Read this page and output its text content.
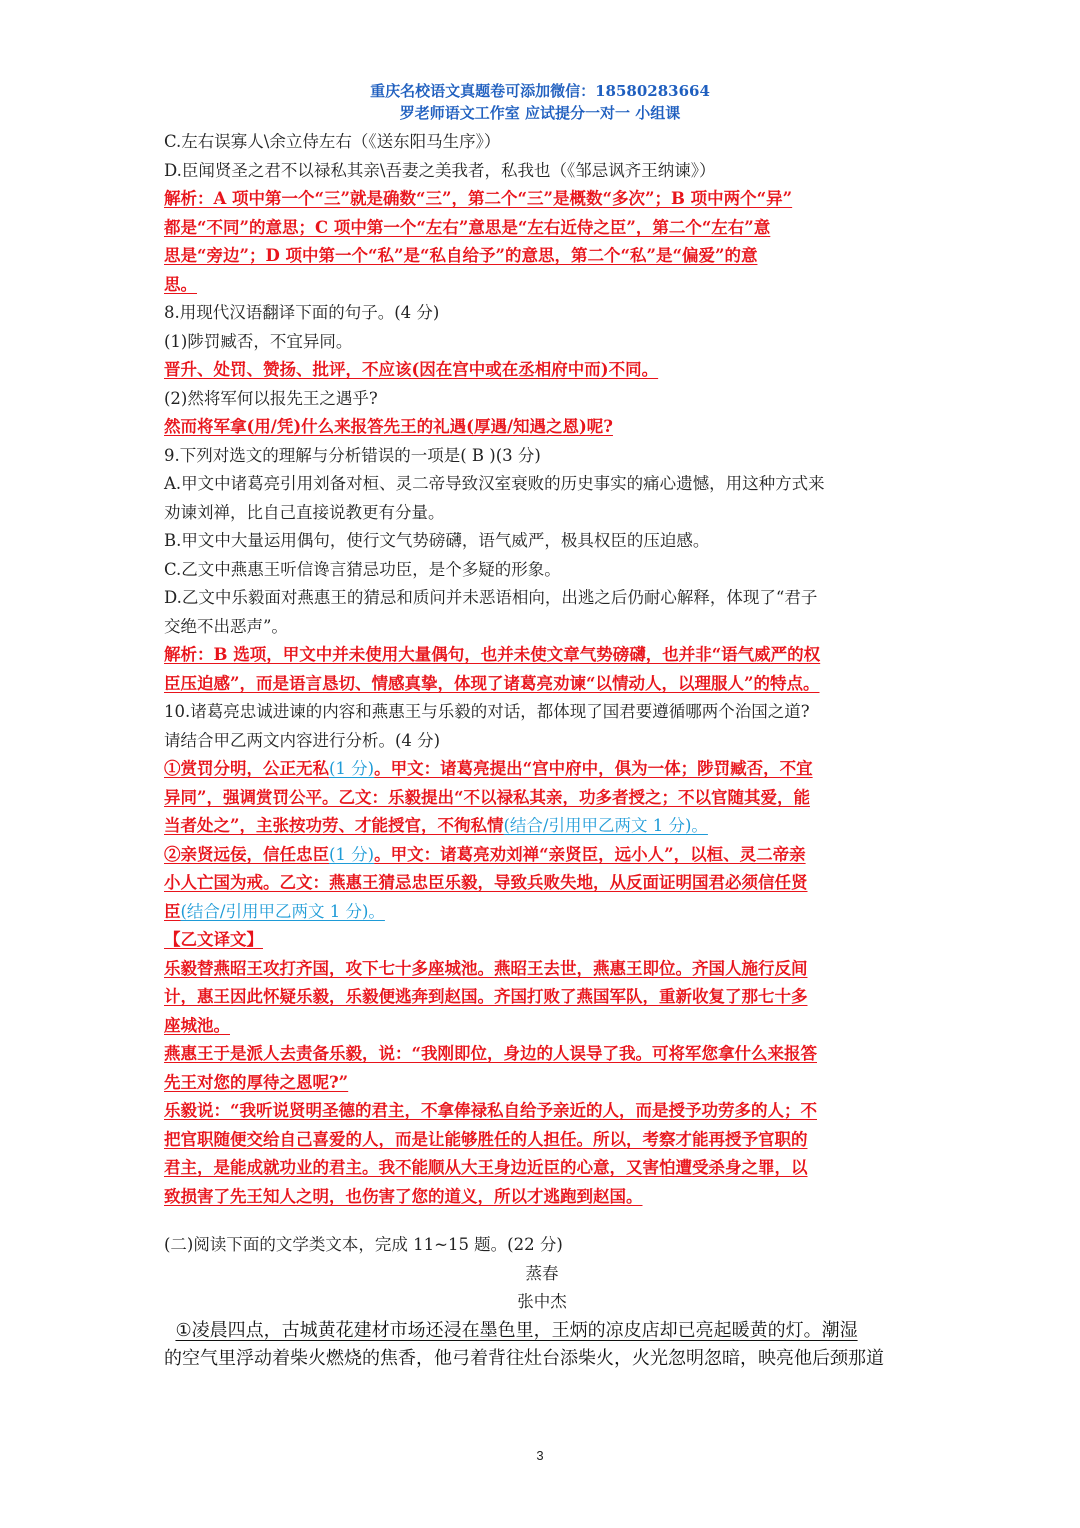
重庆名校语文真题卷可添加微信：18580283664
罗老师语文工作室 应试提分一对一 小组课
C.左右误寡人\余立侍左右（《送东阳马生序》）
D.臣闻贤圣之君不以禄私其亲\吾妻之美我者，私我也（《邹忌讽齐王纳谏》）
解析：A 项中第一个“三”就是确数“三”，第二个“三”是概数“多次”；B 项中两个“异”
都是“不同”的意思；C 项中第一个“左右”意思是“左右近侍之臣”，第二个“左右”意
思是“旁边”；D 项中第一个“私”是“私自给予”的意思，第二个“私”是“偏爱”的意
思。
8.用现代汉语翻译下面的句子。(4 分)
(1)陟罚臧否，不宜异同。
晋升、处罚、赞扬、批评，不应该(因在宫中或在丞相府中而)不同。
(2)然将军何以报先王之遇乎?
然而将军拿(用/凭)什么来报答先王的礼遇(厚遇/知遇之恩)呢?
9.下列对选文的理解与分析错误的一项是( B )(3 分)
A.甲文中诸葛亮引用刘备对桓、灵二帝导致汉室衰败的历史事实的痛心遗憾，用这种方式来
劝谏刘禅，比自己直接说教更有分量。
B.甲文中大量运用偶句，使行文气势磅礴，语气威严，极具权臣的压迫感。
C.乙文中燕惠王听信谗言猜忌功臣，是个多疑的形象。
D.乙文中乐毅面对燕惠王的猜忌和质问并未恶语相向，出逃之后仍耐心解释，体现了“君子
交绝不出恶声”。
解析：B 选项，甲文中并未使用大量偶句，也并未使文章气势磅礴，也并非“语气威严的权
臣压迫感”，而是语言恳切、情感真挚，体现了诸葛亮劝谏“以情动人，以理服人”的特点。
10.诸葛亮忠诚进谏的内容和燕惠王与乐毅的对话，都体现了国君要遵循哪两个治国之道?
请结合甲乙两文内容进行分析。(4 分)
①赏罚分明，公正无私(1 分)。甲文：诸葛亮提出“宫中府中，俱为一体；陟罚臧否，不宜
异同”，强调赏罚公平。乙文：乐毅提出“不以禄私其亲，功多者授之；不以官随其爱，能
当者处之”，主张按功劳、才能授官，不徇私情(结合/引用甲乙两文 1 分)。
②亲贤远佞，信任忠臣(1 分)。甲文：诸葛亮劝刘禅“亲贤臣，远小人”，以桓、灵二帝亲
小人亡国为戒。乙文：燕惠王猜忌忠臣乐毅，导致兵败失地，从反面证明国君必须信任贤
臣(结合/引用甲乙两文 1 分)。
【乙文译文】
乐毅替燕昭王攻打齐国，攻下七十多座城池。燕昭王去世，燕惠王即位。齐国人施行反间
计，惠王因此怀疑乐毅，乐毅便逃奔到赵国。齐国打败了燕国军队，重新收复了那七十多
座城池。
燕惠王于是派人去责备乐毅，说：“我刚即位，身边的人误导了我。可将军您拿什么来报答
先王对您的厚待之恩呢?”
乐毅说：“我听说贤明圣德的君主，不拿俸禄私自给予亲近的人，而是授予功劳多的人；不
把官职随便交给自己喜爱的人，而是让能够胜任的人担任。所以，考察才能再授予官职的
君主，是能成就功业的君主。我不能顺从大王身边近臣的心意，又害怕遭受杀身之罪，以
致损害了先王知人之明，也伤害了您的道义，所以才逃跑到赵国。
(二)阅读下面的文学类文本，完成 11~15 题。(22 分)
蒸春
张中杰
①凌晨四点，古城黄花建材市场还浸在墨色里，王炳的凉皮店却已亮起暖黄的灯。潮湿
的空气里浮动着柴火燃烧的焦香，他弓着背往灶台添柴火，火光忽明忽暗，映亮他后颈那道
3
